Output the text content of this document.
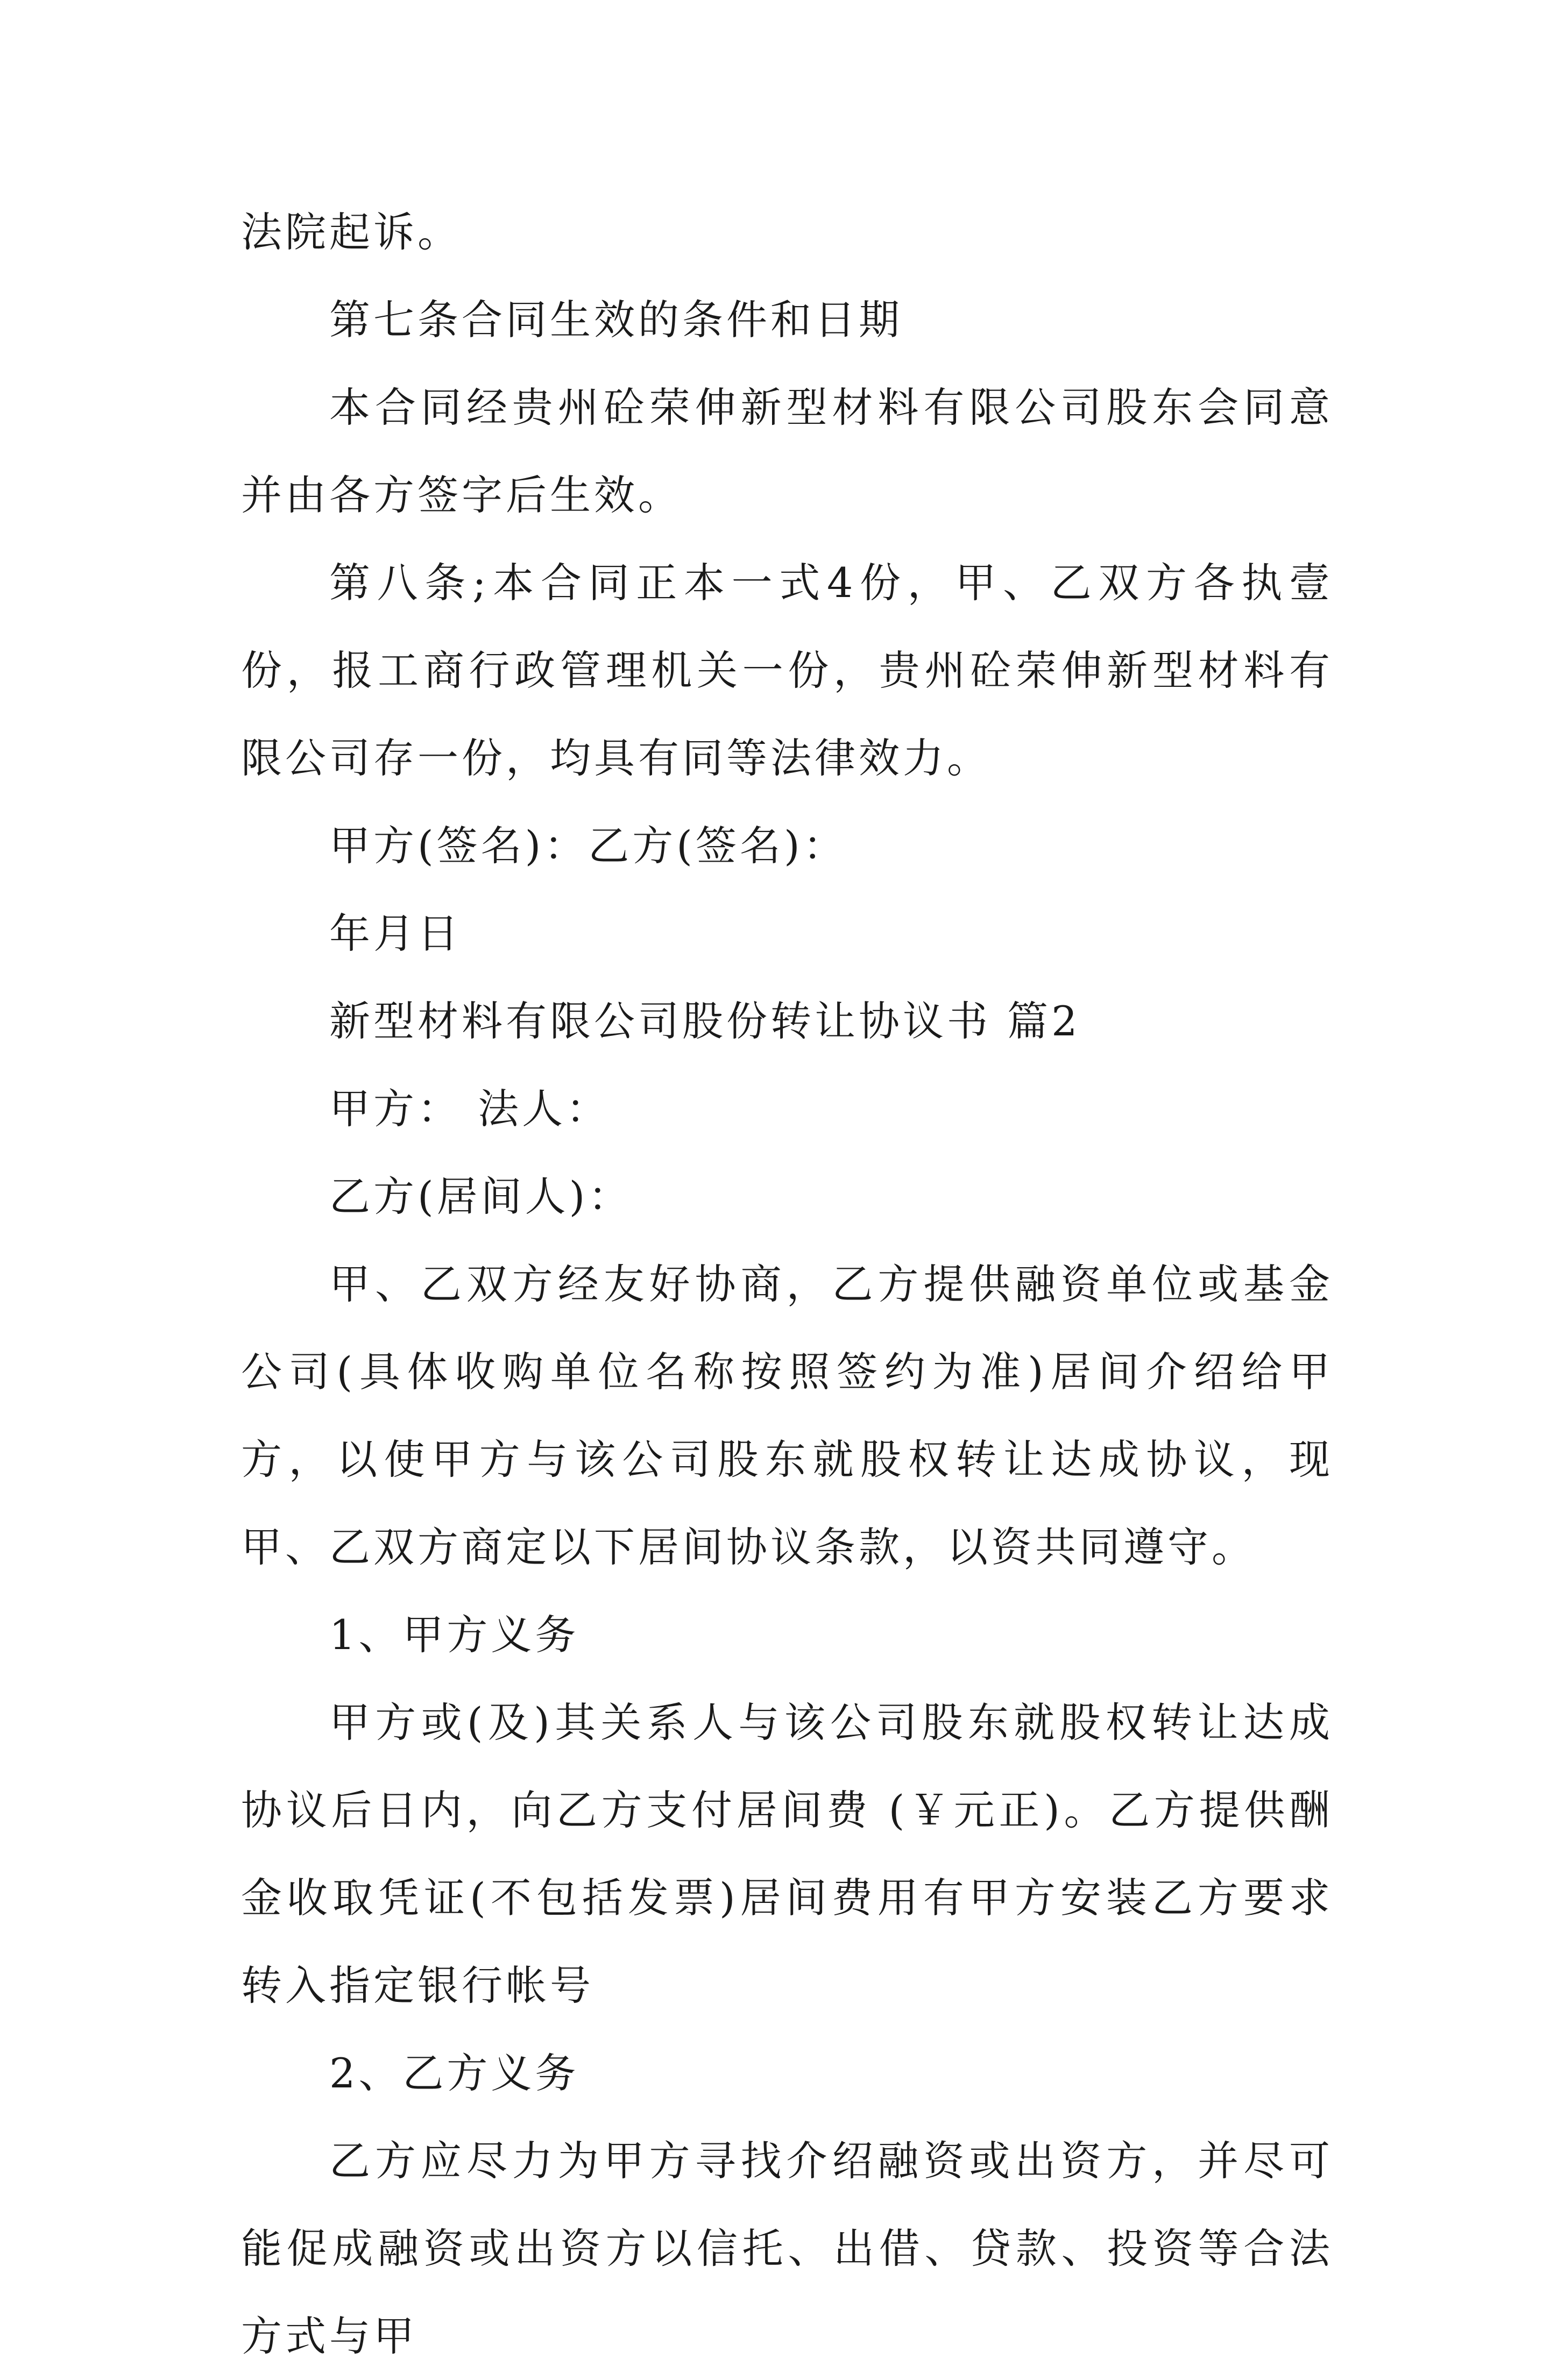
法院起诉。

第七条合同生效的条件和日期

本合同经贵州砼荣伸新型材料有限公司股东会同意并由各方签字后生效。

第八条;本合同正本一式4份，甲、乙双方各执壹份，报工商行政管理机关一份，贵州砼荣伸新型材料有限公司存一份，均具有同等法律效力。

甲方(签名)：乙方(签名)：

年月日

新型材料有限公司股份转让协议书 篇2

甲方： 法人：

乙方(居间人)：

甲、乙双方经友好协商，乙方提供融资单位或基金公司(具体收购单位名称按照签约为准)居间介绍给甲方，以使甲方与该公司股东就股权转让达成协议，现甲、乙双方商定以下居间协议条款，以资共同遵守。

1、甲方义务

甲方或(及)其关系人与该公司股东就股权转让达成协议后日内，向乙方支付居间费 (￥元正)。乙方提供酬金收取凭证(不包括发票)居间费用有甲方安装乙方要求转入指定银行帐号

2、乙方义务

乙方应尽力为甲方寻找介绍融资或出资方，并尽可能促成融资或出资方以信托、出借、贷款、投资等合法方式与甲
